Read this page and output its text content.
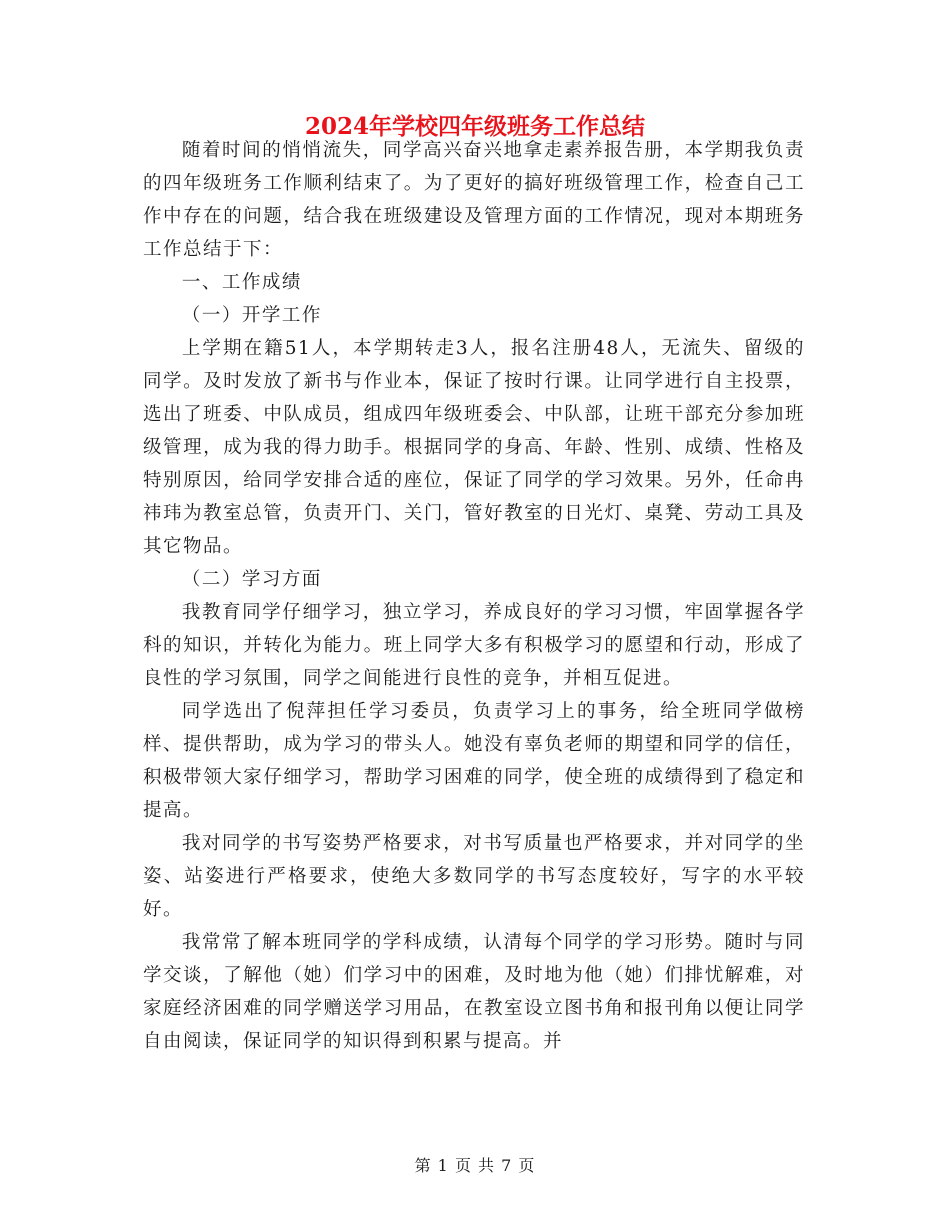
2024年学校四年级班务工作总结

随着时间的悄悄流失，同学高兴奋兴地拿走素养报告册，本学期我负责的四年级班务工作顺利结束了。为了更好的搞好班级管理工作，检查自己工作中存在的问题，结合我在班级建设及管理方面的工作情况，现对本期班务工作总结于下：

一、工作成绩

（一）开学工作

上学期在籍51人，本学期转走3人，报名注册48人，无流失、留级的同学。及时发放了新书与作业本，保证了按时行课。让同学进行自主投票，选出了班委、中队成员，组成四年级班委会、中队部，让班干部充分参加班级管理，成为我的得力助手。根据同学的身高、年龄、性别、成绩、性格及特别原因，给同学安排合适的座位，保证了同学的学习效果。另外，任命冉祎玮为教室总管，负责开门、关门，管好教室的日光灯、桌凳、劳动工具及其它物品。

（二）学习方面

我教育同学仔细学习，独立学习，养成良好的学习习惯，牢固掌握各学科的知识，并转化为能力。班上同学大多有积极学习的愿望和行动，形成了良性的学习氛围，同学之间能进行良性的竞争，并相互促进。

同学选出了倪萍担任学习委员，负责学习上的事务，给全班同学做榜样、提供帮助，成为学习的带头人。她没有辜负老师的期望和同学的信任，积极带领大家仔细学习，帮助学习困难的同学，使全班的成绩得到了稳定和提高。

我对同学的书写姿势严格要求，对书写质量也严格要求，并对同学的坐姿、站姿进行严格要求，使绝大多数同学的书写态度较好，写字的水平较好。

我常常了解本班同学的学科成绩，认清每个同学的学习形势。随时与同学交谈，了解他（她）们学习中的困难，及时地为他（她）们排忧解难，对家庭经济困难的同学赠送学习用品，在教室设立图书角和报刊角以便让同学自由阅读，保证同学的知识得到积累与提高。并

第 1 页 共 7 页
